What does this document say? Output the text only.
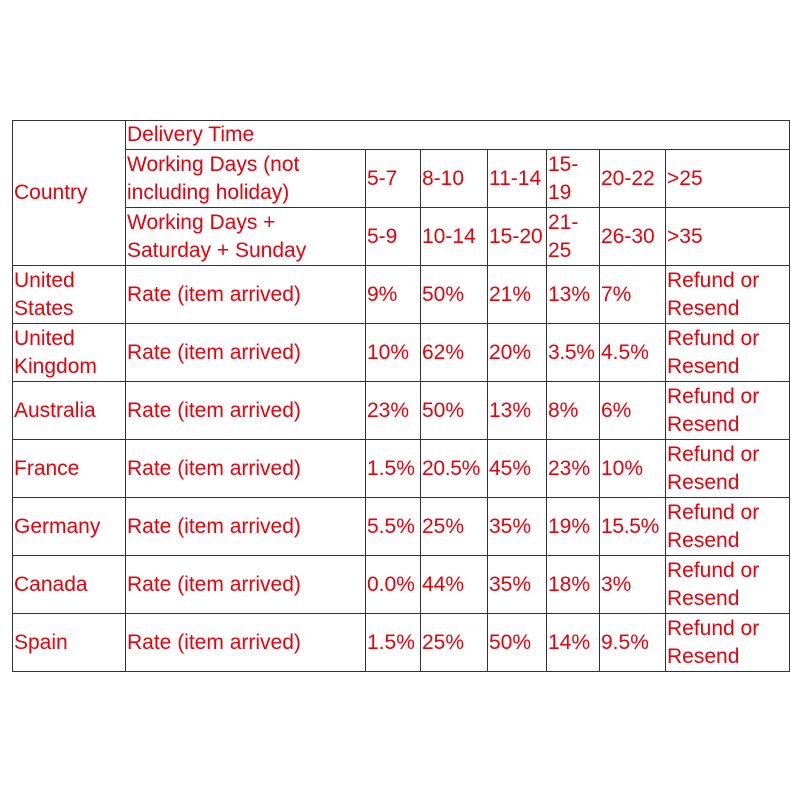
Country	Delivery Time						
	Working Days (not including holiday)	5-7	8-10	11-14	15-19	20-22	>25
	Working Days + Saturday + Sunday	5-9	10-14	15-20	21-25	26-30	>35
United States	Rate (item arrived)	9%	50%	21%	13%	7%	Refund or Resend
United Kingdom	Rate (item arrived)	10%	62%	20%	3.5%	4.5%	Refund or Resend
Australia	Rate (item arrived)	23%	50%	13%	8%	6%	Refund or Resend
France	Rate (item arrived)	1.5%	20.5%	45%	23%	10%	Refund or Resend
Germany	Rate (item arrived)	5.5%	25%	35%	19%	15.5%	Refund or Resend
Canada	Rate (item arrived)	0.0%	44%	35%	18%	3%	Refund or Resend
Spain	Rate (item arrived)	1.5%	25%	50%	14%	9.5%	Refund or Resend
